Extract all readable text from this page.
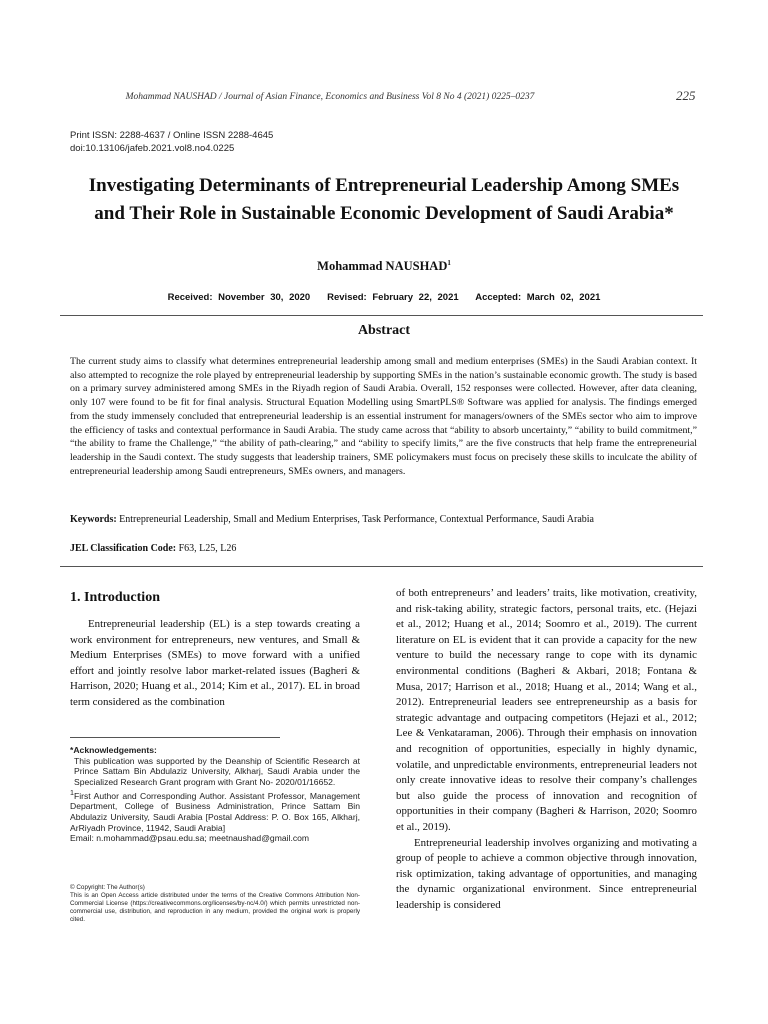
Mohammad NAUSHAD / Journal of Asian Finance, Economics and Business Vol 8 No 4 (2021) 0225–0237	225
Print ISSN: 2288-4637 / Online ISSN 2288-4645
doi:10.13106/jafeb.2021.vol8.no4.0225
Investigating Determinants of Entrepreneurial Leadership Among SMEs
and Their Role in Sustainable Economic Development of Saudi Arabia*
Mohammad NAUSHAD$^1$
Received: November 30, 2020 Revised: February 22, 2021 Accepted: March 02, 2021
Abstract
The current study aims to classify what determines entrepreneurial leadership among small and medium enterprises (SMEs) in the Saudi Arabian context. It also attempted to recognize the role played by entrepreneurial leadership by supporting SMEs in the nation’s sustainable economic growth. The study is based on a primary survey administered among SMEs in the Riyadh region of Saudi Arabia. Overall, 152 responses were collected. However, after data cleaning, only 107 were found to be fit for final analysis. Structural Equation Modelling using SmartPLS® Software was applied for analysis. The findings emerged from the study immensely concluded that entrepreneurial leadership is an essential instrument for managers/owners of the SMEs sector who aim to improve the efficiency of tasks and contextual performance in Saudi Arabia. The study came across that “ability to absorb uncertainty,” “ability to build commitment,” “the ability to frame the Challenge,” “the ability of path-clearing,” and “ability to specify limits,” are the five constructs that help frame the entrepreneurial leadership in the Saudi context. The study suggests that leadership trainers, SME policymakers must focus on precisely these skills to inculcate the ability of entrepreneurial leadership among Saudi entrepreneurs, SMEs owners, and managers.
Keywords: Entrepreneurial Leadership, Small and Medium Enterprises, Task Performance, Contextual Performance, Saudi Arabia
JEL Classification Code: F63, L25, L26
1. Introduction
Entrepreneurial leadership (EL) is a step towards creating a work environment for entrepreneurs, new ventures, and Small & Medium Enterprises (SMEs) to move forward with a unified effort and jointly resolve labor market-related issues (Bagheri & Harrison, 2020; Huang et al., 2014; Kim et al., 2017). EL in broad term considered as the combination

of both entrepreneurs’ and leaders’ traits, like motivation, creativity, and risk-taking ability, strategic factors, personal traits, etc. (Hejazi et al., 2012; Huang et al., 2014; Soomro et al., 2019). The current literature on EL is evident that it can provide a capacity for the new venture to build the necessary range to cope with its dynamic environmental conditions (Bagheri & Akbari, 2018; Fontana & Musa, 2017; Harrison et al., 2018; Huang et al., 2014; Wang et al., 2012). Entrepreneurial leaders see entrepreneurship as a basis for strategic advantage and outpacing competitors (Hejazi et al., 2012; Lee & Venkataraman, 2006). Through their emphasis on innovation and recognition of opportunities, especially in highly dynamic, volatile, and unpredictable environments, entrepreneurial leaders not only create innovative ideas to resolve their company’s challenges but also guide the process of innovation and recognition of opportunities in their company (Bagheri & Harrison, 2020; Soomro et al., 2019).

Entrepreneurial leadership involves organizing and motivating a group of people to achieve a common objective through innovation, risk optimization, taking advantage of opportunities, and managing the dynamic organizational environment. Since entrepreneurial leadership is considered

*Acknowledgements:

This publication was supported by the Deanship of Scientific Research at Prince Sattam Bin Abdulaziz University, Alkharj, Saudi Arabia under the Specialized Research Grant program with Grant No- 2020/01/16652.

$^1$First Author and Corresponding Author. Assistant Professor, Management Department, College of Business Administration, Prince Sattam Bin Abdulaziz University, Saudi Arabia [Postal Address: P. O. Box 165, Alkharj, ArRiyadh Province, 11942, Saudi Arabia]

Email: n.mohammad@psau.edu.sa; meetnaushad@gmail.com

© Copyright: The Author(s)

This is an Open Access article distributed under the terms of the Creative Commons Attribution Non-Commercial License (https://creativecommons.org/licenses/by-nc/4.0/) which permits unrestricted non-commercial use, distribution, and reproduction in any medium, provided the original work is properly cited.
